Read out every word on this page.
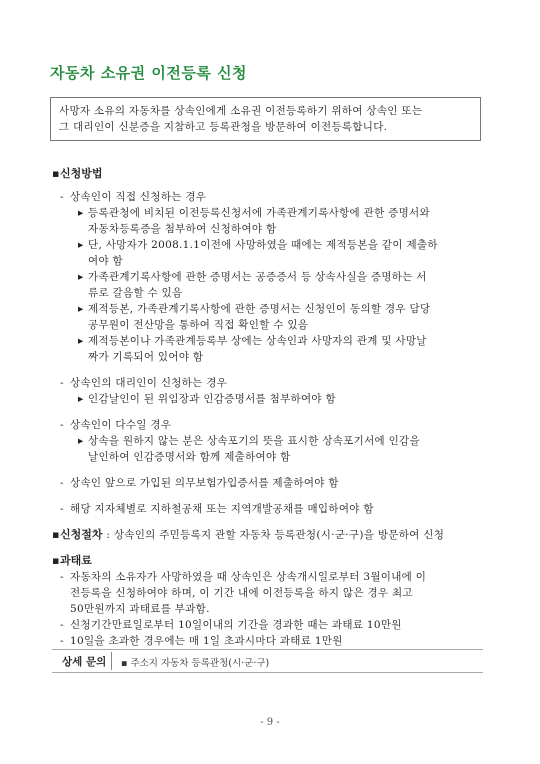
자동차 소유권 이전등록 신청
사망자 소유의 자동차를 상속인에게 소유권 이전등록하기 위하여 상속인 또는
그 대리인이 신분증을 지참하고 등록관청을 방문하여 이전등록합니다.
▪신청방법
- 상속인이 직접 신청하는 경우
▸ 등록관청에 비치된 이전등록신청서에 가족관계기록사항에 관한 증명서와
자동차등록증을 첨부하여 신청하여야 함
▸ 단, 사망자가 2008.1.1이전에 사망하였을 때에는 제적등본을 같이 제출하
여야 함
▸ 가족관계기록사항에 관한 증명서는 공증증서 등 상속사실을 증명하는 서
류로 갈음할 수 있음
▸ 제적등본, 가족관계기록사항에 관한 증명서는 신청인이 동의할 경우 담당
공무원이 전산망을 통하여 직접 확인할 수 있음
▸ 제적등본이나 가족관계등록부 상에는 상속인과 사망자의 관계 및 사망날
짜가 기록되어 있어야 함
- 상속인의 대리인이 신청하는 경우
▸ 인감날인이 된 위임장과 인감증명서를 첨부하여야 함
- 상속인이 다수일 경우
▸ 상속을 원하지 않는 분은 상속포기의 뜻을 표시한 상속포기서에 인감을
날인하여 인감증명서와 함께 제출하여야 함
- 상속인 앞으로 가입된 의무보험가입증서를 제출하여야 함
- 해당 지자체별로 지하철공채 또는 지역개발공채를 매입하여야 함
▪신청절차 : 상속인의 주민등록지 관할 자동차 등록관청(시·군·구)을 방문하여 신청
▪과태료
- 자동차의 소유자가 사망하였을 때 상속인은 상속개시일로부터 3월이내에 이
전등록을 신청하여야 하며, 이 기간 내에 이전등록을 하지 않은 경우 최고
50만원까지 과태료를 부과함.
- 신청기간만료일로부터 10일이내의 기간을 경과한 때는 과태료 10만원
- 10일을 초과한 경우에는 매 1일 초과시마다 과태료 1만원
상세 문의 ▪ 주소지 자동차 등록관청(시·군·구)
- 9 -
